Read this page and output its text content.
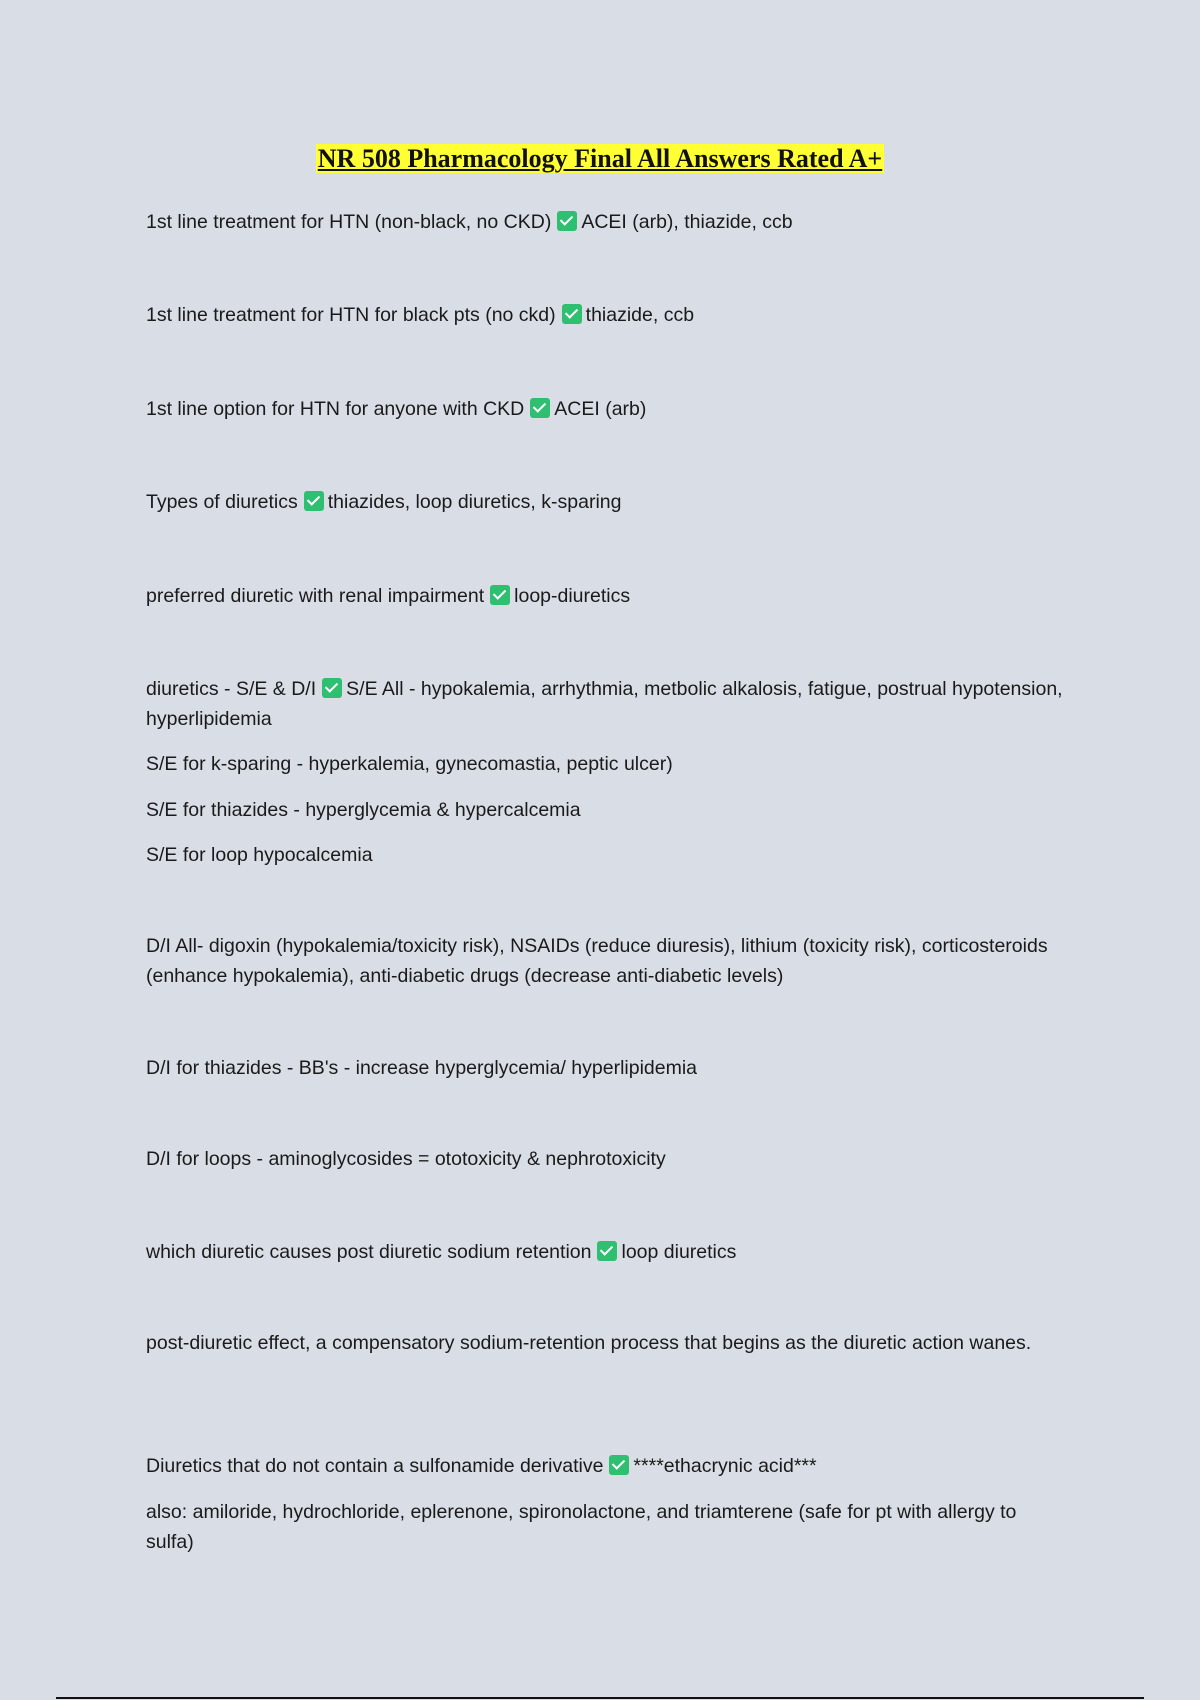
NR 508 Pharmacology Final All Answers Rated A+
1st line treatment for HTN (non-black, no CKD) ACEI (arb), thiazide, ccb
1st line treatment for HTN for black pts (no ckd) thiazide, ccb
1st line option for HTN for anyone with CKD ACEI (arb)
Types of diuretics thiazides, loop diuretics, k-sparing
preferred diuretic with renal impairment loop-diuretics
diuretics - S/E & D/I S/E All - hypokalemia, arrhythmia, metbolic alkalosis, fatigue, postrual hypotension, hyperlipidemia
S/E for k-sparing - hyperkalemia, gynecomastia, peptic ulcer)
S/E for thiazides - hyperglycemia & hypercalcemia
S/E for loop hypocalcemia
D/I All- digoxin (hypokalemia/toxicity risk), NSAIDs (reduce diuresis), lithium (toxicity risk), corticosteroids (enhance hypokalemia), anti-diabetic drugs (decrease anti-diabetic levels)
D/I for thiazides - BB's - increase hyperglycemia/ hyperlipidemia
D/I for loops - aminoglycosides = ototoxicity & nephrotoxicity
which diuretic causes post diuretic sodium retention loop diuretics
post-diuretic effect, a compensatory sodium-retention process that begins as the diuretic action wanes.
Diuretics that do not contain a sulfonamide derivative ****ethacrynic acid***
also: amiloride, hydrochloride, eplerenone, spironolactone, and triamterene (safe for pt with allergy to sulfa)
